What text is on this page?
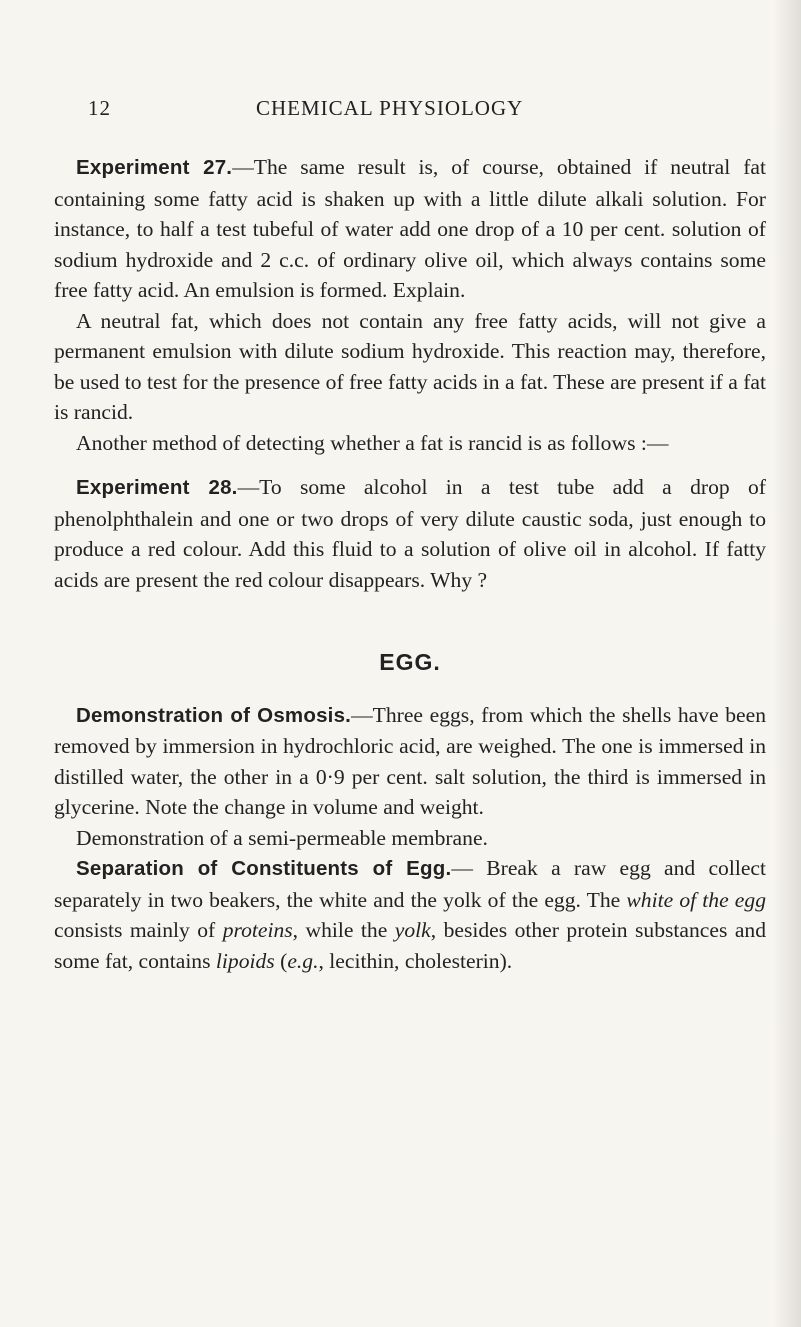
12	CHEMICAL PHYSIOLOGY

Experiment 27.—The same result is, of course, obtained if neutral fat containing some fatty acid is shaken up with a little dilute alkali solution. For instance, to half a test tubeful of water add one drop of a 10 per cent. solution of sodium hydroxide and 2 c.c. of ordinary olive oil, which always contains some free fatty acid. An emulsion is formed. Explain.

A neutral fat, which does not contain any free fatty acids, will not give a permanent emulsion with dilute sodium hydroxide. This reaction may, therefore, be used to test for the presence of free fatty acids in a fat. These are present if a fat is rancid.

Another method of detecting whether a fat is rancid is as follows :—

Experiment 28.—To some alcohol in a test tube add a drop of phenolphthalein and one or two drops of very dilute caustic soda, just enough to produce a red colour. Add this fluid to a solution of olive oil in alcohol. If fatty acids are present the red colour disappears. Why ?

EGG.

Demonstration of Osmosis.—Three eggs, from which the shells have been removed by immersion in hydrochloric acid, are weighed. The one is immersed in distilled water, the other in a 0·9 per cent. salt solution, the third is immersed in glycerine. Note the change in volume and weight.

Demonstration of a semi-permeable membrane.

Separation of Constituents of Egg.— Break a raw egg and collect separately in two beakers, the white and the yolk of the egg. The white of the egg consists mainly of proteins, while the yolk, besides other protein substances and some fat, contains lipoids (e.g., lecithin, cholesterin).
